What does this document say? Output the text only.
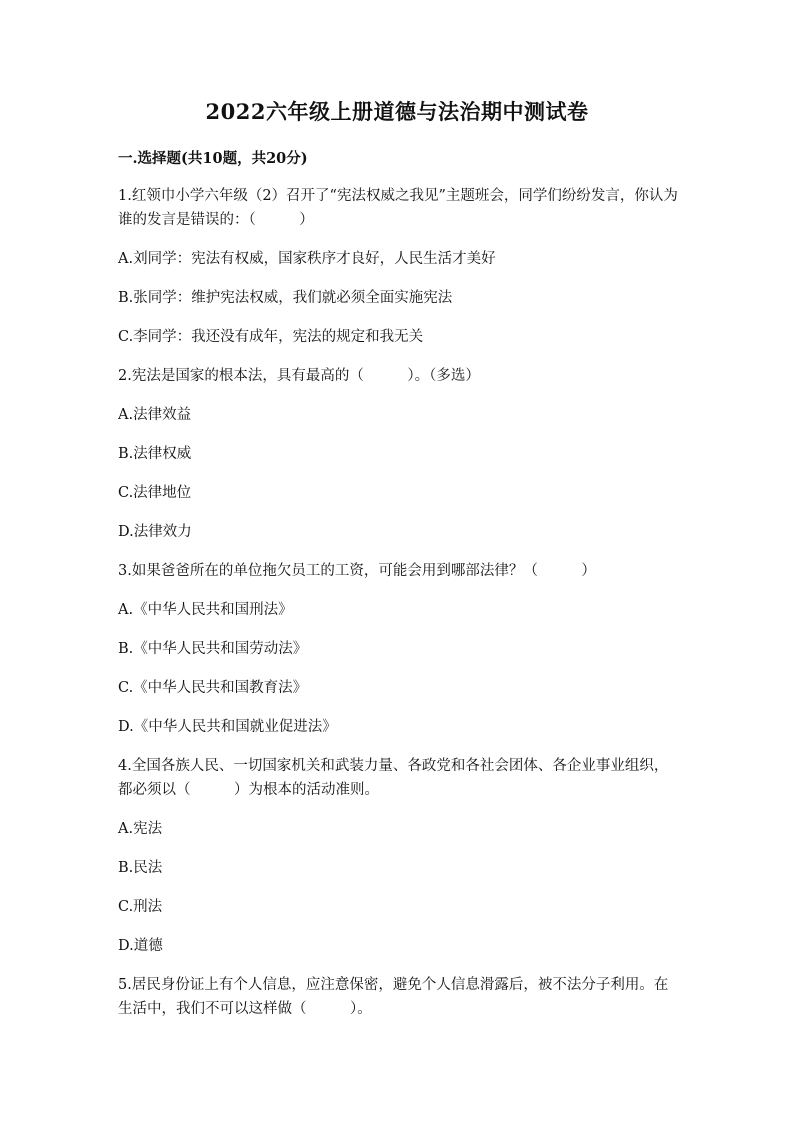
2022六年级上册道德与法治期中测试卷
一.选择题(共10题，共20分)

1.红领巾小学六年级（2）召开了“宪法权威之我见”主题班会，同学们纷纷发言，你认为谁的发言是错误的：（　　　）

A.刘同学：宪法有权威，国家秩序才良好，人民生活才美好
B.张同学：维护宪法权威，我们就必须全面实施宪法
C.李同学：我还没有成年，宪法的规定和我无关
2.宪法是国家的根本法，具有最高的（　　　）。（多选）
A.法律效益
B.法律权威
C.法律地位
D.法律效力
3.如果爸爸所在的单位拖欠员工的工资，可能会用到哪部法律？（　　　）
A.《中华人民共和国刑法》
B.《中华人民共和国劳动法》
C.《中华人民共和国教育法》
D.《中华人民共和国就业促进法》

4.全国各族人民、一切国家机关和武装力量、各政党和各社会团体、各企业事业组织，都必须以（　　　）为根本的活动准则。

A.宪法
B.民法
C.刑法
D.道德

5.居民身份证上有个人信息，应注意保密，避免个人信息滑露后，被不法分子利用。在生活中，我们不可以这样做（　　　）。
